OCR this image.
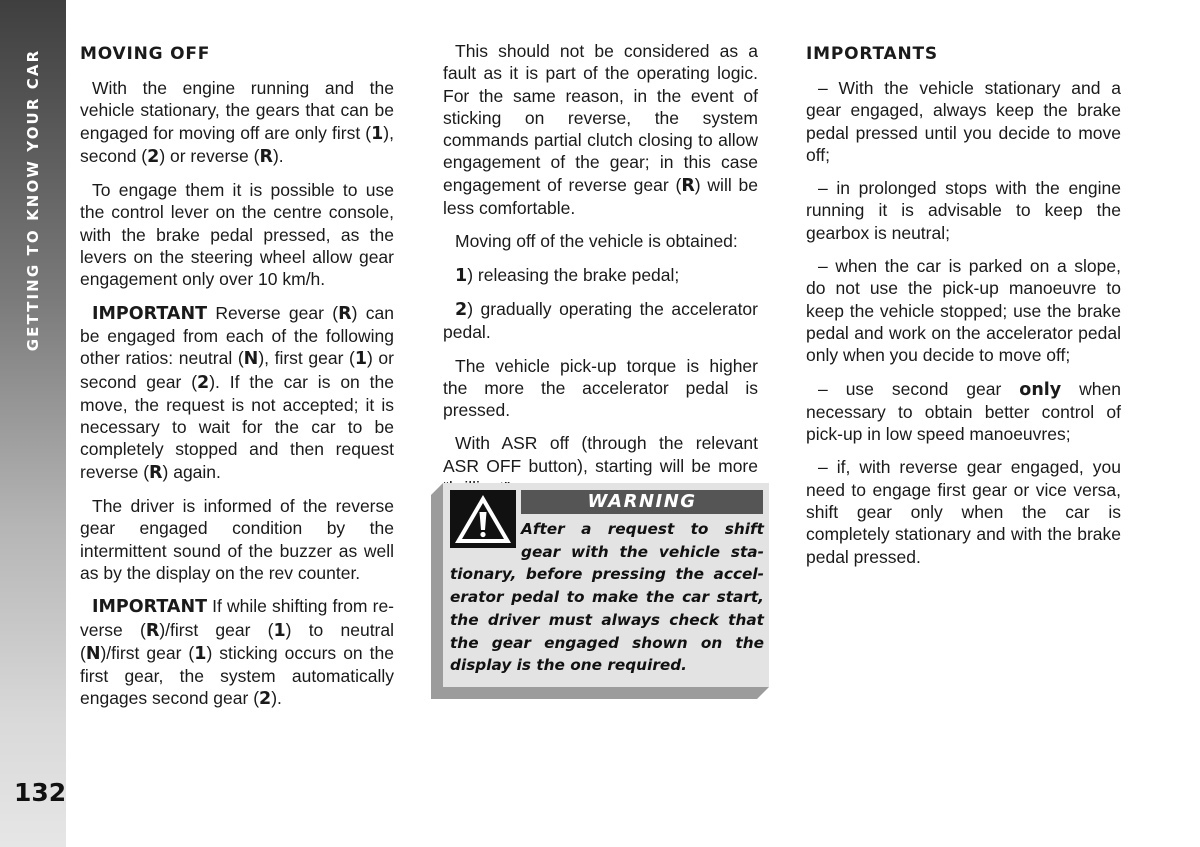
GETTING TO KNOW YOUR CAR
132
MOVING OFF

With the engine running and the vehicle stationary, the gears that can be engaged for moving off are only first (1), second (2) or reverse (R).

To engage them it is possible to use the control lever on the centre console, with the brake pedal pressed, as the levers on the steering wheel allow gear engagement only over 10 km/h.

IMPORTANT Reverse gear (R) can be engaged from each of the following other ratios: neutral (N), first gear (1) or second gear (2). If the car is on the move, the request is not accepted; it is necessary to wait for the car to be completely stopped and then request reverse (R) again.

The driver is informed of the reverse gear engaged condition by the intermittent sound of the buzzer as well as by the display on the rev counter.

IMPORTANT If while shifting from reverse (R)/first gear (1) to neutral (N)/first gear (1) sticking occurs on the first gear, the system automatically engages second gear (2).

This should not be considered as a fault as it is part of the operating logic. For the same reason, in the event of sticking on reverse, the system commands partial clutch closing to allow engagement of the gear; in this case engagement of reverse gear (R) will be less comfortable.

Moving off of the vehicle is obtained:

1) releasing the brake pedal;

2) gradually operating the accelerator pedal.

The vehicle pick-up torque is higher the more the accelerator pedal is pressed.

With ASR off (through the relevant ASR OFF button), starting will be more

WARNING
After a request to shift gear with the vehicle stationary, before pressing the accelerator pedal to make the car start, the driver must always check that the gear engaged shown on the display is the one required.
IMPORTANTS

– With the vehicle stationary and a gear engaged, always keep the brake pedal pressed until you decide to move off;

– in prolonged stops with the engine running it is advisable to keep the gearbox is neutral;

– when the car is parked on a slope, do not use the pick-up manoeuvre to keep the vehicle stopped; use the brake pedal and work on the accelerator pedal only when you decide to move off;

– use second gear only when necessary to obtain better control of pick-up in low speed manoeuvres;

– if, with reverse gear engaged, you need to engage first gear or vice versa, shift gear only when the car is completely stationary and with the brake pedal pressed.
